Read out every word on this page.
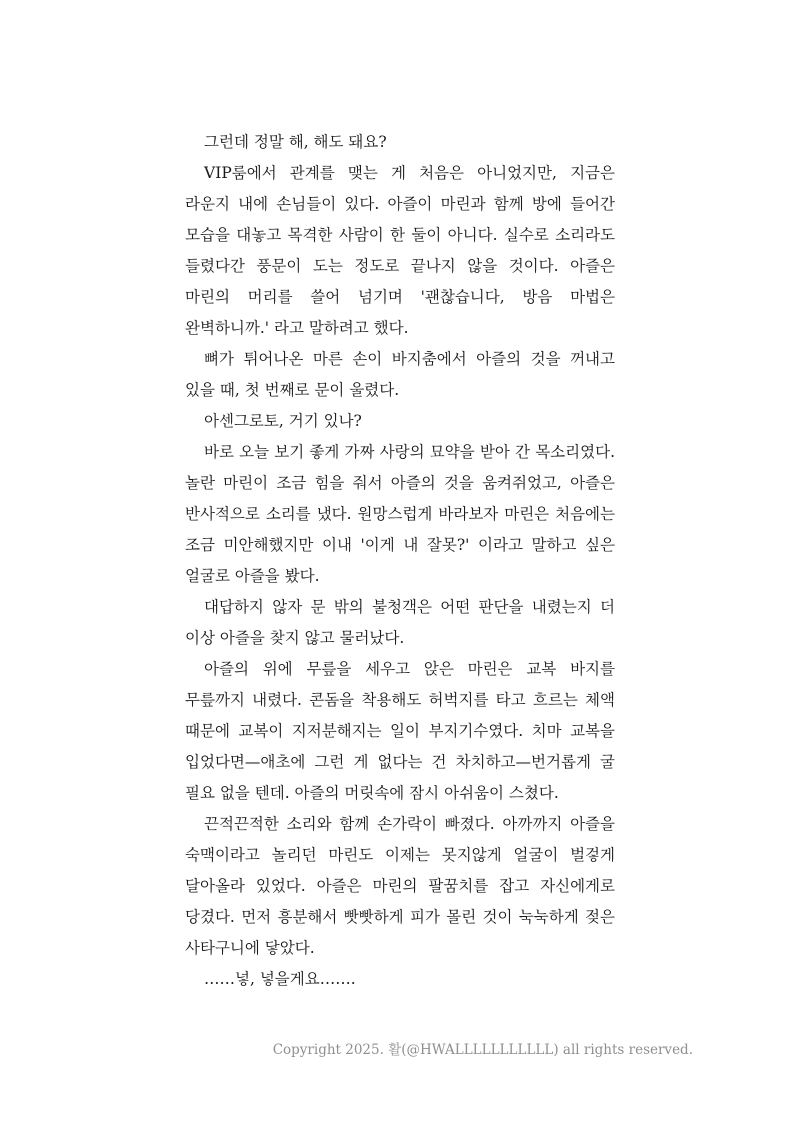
그런데 정말 해, 해도 돼요?

VIP룸에서 관계를 맺는 게 처음은 아니었지만, 지금은 라운지 내에 손님들이 있다. 아즐이 마린과 함께 방에 들어간 모습을 대놓고 목격한 사람이 한 둘이 아니다. 실수로 소리라도 들렸다간 풍문이 도는 정도로 끝나지 않을 것이다. 아즐은 마린의 머리를 쓸어 넘기며 '괜찮습니다, 방음 마법은 완벽하니까.' 라고 말하려고 했다.

뼈가 튀어나온 마른 손이 바지춤에서 아즐의 것을 꺼내고 있을 때, 첫 번째로 문이 울렸다.

아센그로토, 거기 있나?

바로 오늘 보기 좋게 가짜 사랑의 묘약을 받아 간 목소리였다. 놀란 마린이 조금 힘을 줘서 아즐의 것을 움켜쥐었고, 아즐은 반사적으로 소리를 냈다. 원망스럽게 바라보자 마린은 처음에는 조금 미안해했지만 이내 '이게 내 잘못?' 이라고 말하고 싶은 얼굴로 아즐을 봤다.

대답하지 않자 문 밖의 불청객은 어떤 판단을 내렸는지 더 이상 아즐을 찾지 않고 물러났다.

아즐의 위에 무릎을 세우고 앉은 마린은 교복 바지를 무릎까지 내렸다. 콘돔을 착용해도 허벅지를 타고 흐르는 체액 때문에 교복이 지저분해지는 일이 부지기수였다. 치마 교복을 입었다면—애초에 그런 게 없다는 건 차치하고—번거롭게 굴 필요 없을 텐데. 아즐의 머릿속에 잠시 아쉬움이 스쳤다.

끈적끈적한 소리와 함께 손가락이 빠졌다. 아까까지 아즐을 숙맥이라고 놀리던 마린도 이제는 못지않게 얼굴이 벌겋게 달아올라 있었다. 아즐은 마린의 팔꿈치를 잡고 자신에게로 당겼다. 먼저 흥분해서 빳빳하게 피가 몰린 것이 눅눅하게 젖은 사타구니에 닿았다.

……넣, 넣을게요…….

Copyright 2025. 활(@HWALLLLLLLLLLL) all rights reserved.
